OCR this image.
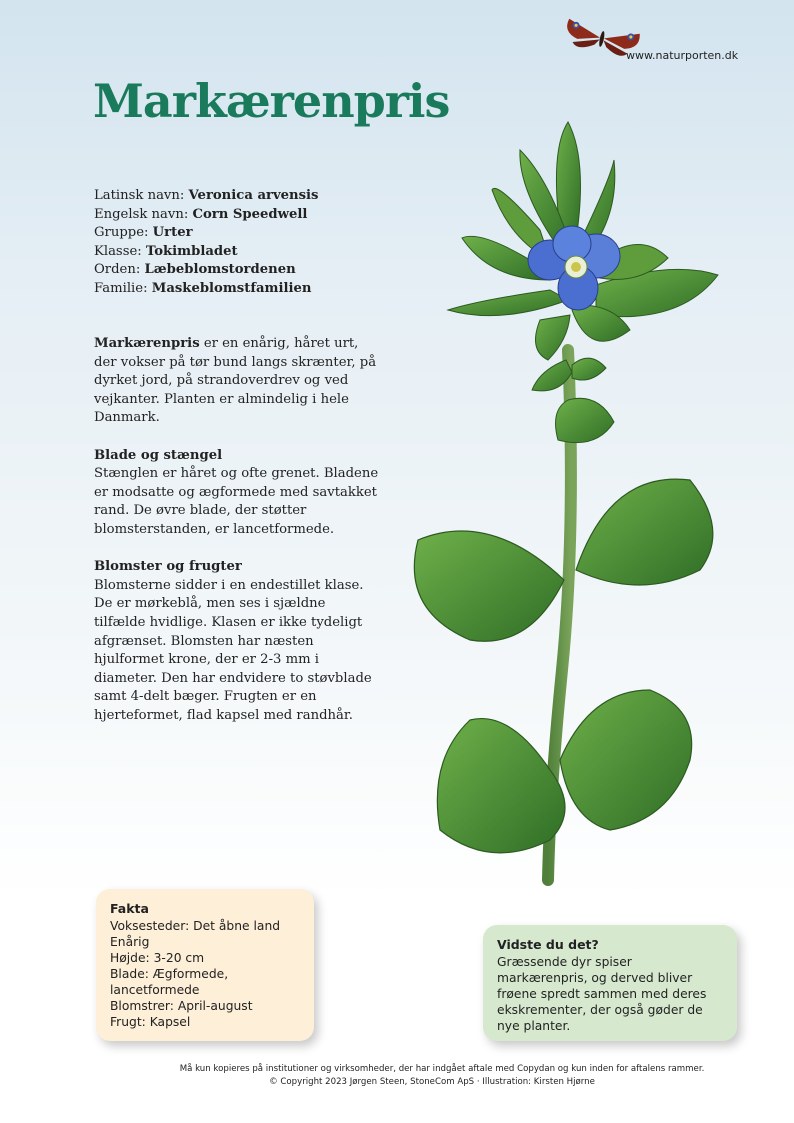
www.naturporten.dk
Markærenpris
Latinsk navn: Veronica arvensis
Engelsk navn: Corn Speedwell
Gruppe: Urter
Klasse: Tokimbladet
Orden: Læbeblomstordenen
Familie: Maskeblomstfamilien

Markærenpris er en enårig, håret urt, der vokser på tør bund langs skrænter, på dyrket jord, på strandoverdrev og ved vejkanter. Planten er almindelig i hele Danmark.

Blade og stængel

Stænglen er håret og ofte grenet. Bladene er modsatte og ægformede med savtakket rand. De øvre blade, der støtter blomsterstanden, er lancetformede.

Blomster og frugter

Blomsterne sidder i en endestillet klase. De er mørkeblå, men ses i sjældne tilfælde hvidlige. Klasen er ikke tydeligt afgrænset. Blomsten har næsten hjulformet krone, der er 2-3 mm i diameter. Den har endvidere to støvblade samt 4-delt bæger. Frugten er en hjerteformet, flad kapsel med randhår.

Fakta
Voksesteder: Det åbne land
Enårig
Højde: 3-20 cm
Blade: Ægformede, lancetformede
Blomstrer: April-august
Frugt: Kapsel
Vidste du det?
Græssende dyr spiser markærenpris, og derved bliver frøene spredt sammen med deres ekskrementer, der også gøder de nye planter.
Må kun kopieres på institutioner og virksomheder, der har indgået aftale med Copydan og kun inden for aftalens rammer.
© Copyright 2023 Jørgen Steen, StoneCom ApS · Illustration: Kirsten Hjørne
